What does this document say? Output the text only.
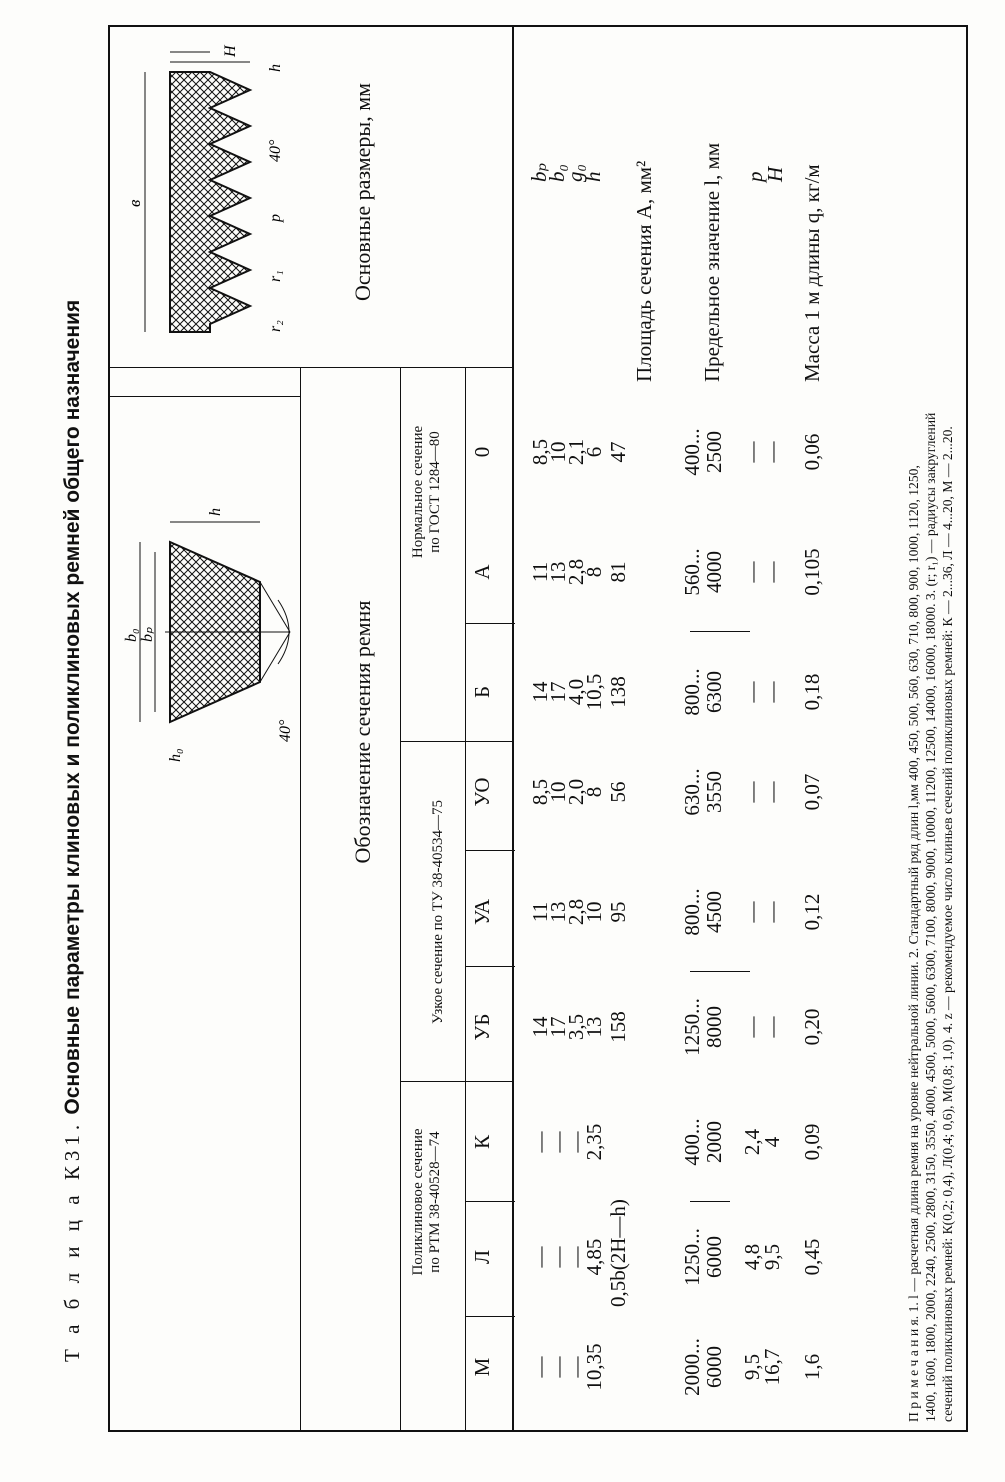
Т а б л и ц а К31. Основные параметры клиновых и поликлиновых ремней общего назначения
Основные размеры, мм
Обозначение сечения ремня
Нормальное сечение по ГОСТ 1284—80
Узкое сечение по ТУ 38-40534—75
Поликлиновое сечение по РТМ 38-40528—74
0
А
Б
УО
УА
УБ
К
Л
М
b₀ bₚ
h
h₀
40°
в
r₂
r₁
p
40°
h
H
bₚ
b₀
g₀
h Площадь сечения А, мм² Предельное значение l, мм p
H Масса 1 м длины q, кг/м
8,5
11
14
8,5
11
14
—
—
—
10
13
17
10
13
17
—
—
—
2,1
2,8
4,0
2,0
2,8
3,5
—
—
—
6
8
10,5
8
10
13
2,35
4,85
10,35
47
81
138
56
95
158
0,5b(2H—h)
400...
560...
800...
630...
800...
1250...
400...
1250...
2000...
2500
4000
6300
3550
4500
8000
2000
6000
6000
—
—
—
—
—
—
2,4
4,8
9,5
—
—
—
—
—
—
4
9,5
16,7
0,06
0,105
0,18
0,07
0,12
0,20
0,09
0,45
1,6	П р и м е ч а н и я. 1. l — расчетная длина ремня на уровне нейтральной линии. 2. Стандартный ряд длин l,мм 400, 450, 500, 560, 630, 710, 800, 900, 1000, 1120, 1250, 1400, 1600, 1800, 2000, 2240, 2500, 2800, 3150, 3550, 4000, 4500, 5000, 5600, 6300, 7100, 8000, 9000, 10000, 11200, 12500, 14000, 16000, 18000. 3. (r; r₁) — радиусы закруглений сечений поликлиновых ремней: К(0,2; 0,4), Л(0,4; 0,6), М(0,8; 1,0). 4. z — рекомендуемое число клиньев сечений поликлиновых ремней: К — 2...36, Л — 4...20, М — 2...20.
